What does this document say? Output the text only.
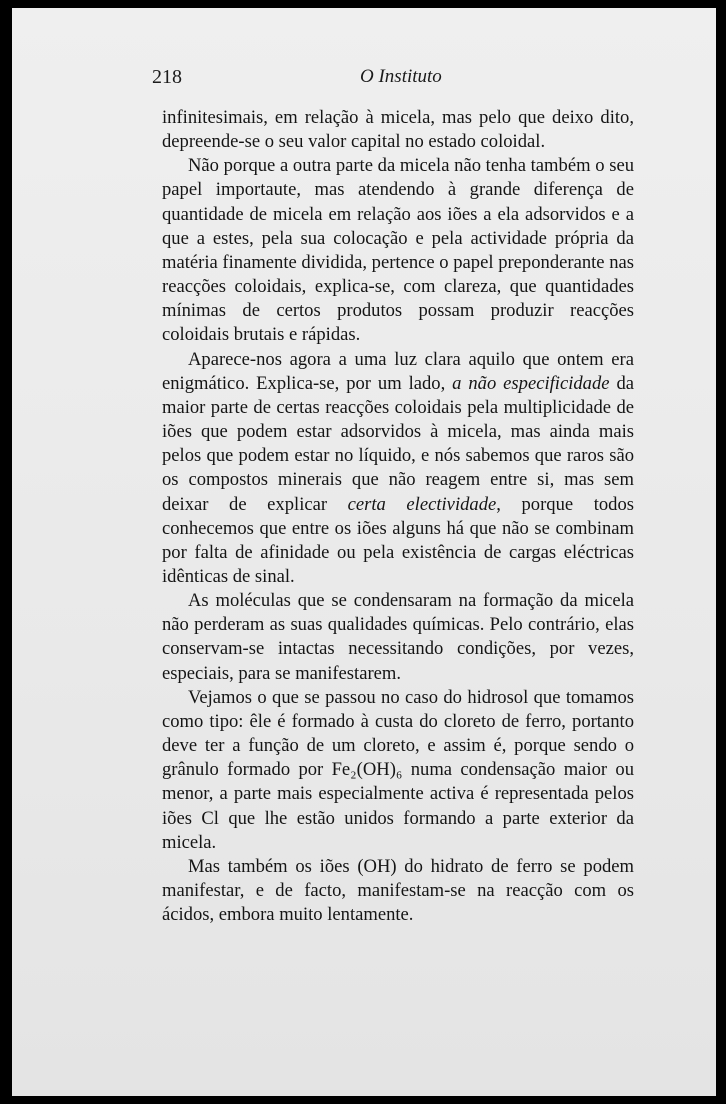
218	O Instituto

infinitesimais, em relação à micela, mas pelo que deixo dito, depreende-se o seu valor capital no estado coloidal.

Não porque a outra parte da micela não tenha também o seu papel importaute, mas atendendo à grande diferença de quantidade de micela em relação aos iões a ela adsorvidos e a que a estes, pela sua colocação e pela actividade própria da matéria finamente dividida, pertence o papel preponderante nas reacções coloidais, explica-se, com clareza, que quantidades mínimas de certos produtos possam produzir reacções coloidais brutais e rápidas.

Aparece-nos agora a uma luz clara aquilo que ontem era enigmático. Explica-se, por um lado, a não especificidade da maior parte de certas reacções coloidais pela multiplicidade de iões que podem estar adsorvidos à micela, mas ainda mais pelos que podem estar no líquido, e nós sabemos que raros são os compostos minerais que não reagem entre si, mas sem deixar de explicar certa electividade, porque todos conhecemos que entre os iões alguns há que não se combinam por falta de afinidade ou pela existência de cargas eléctricas idênticas de sinal.

As moléculas que se condensaram na formação da micela não perderam as suas qualidades químicas. Pelo contrário, elas conservam-se intactas necessitando condições, por vezes, especiais, para se manifestarem.

Vejamos o que se passou no caso do hidrosol que tomamos como tipo: êle é formado à custa do cloreto de ferro, portanto deve ter a função de um cloreto, e assim é, porque sendo o grânulo formado por Fe₂(OH)₆ numa condensação maior ou menor, a parte mais especialmente activa é representada pelos iões Cl que lhe estão unidos formando a parte exterior da micela.

Mas também os iões (OH) do hidrato de ferro se podem manifestar, e de facto, manifestam-se na reacção com os ácidos, embora muito lentamente.
